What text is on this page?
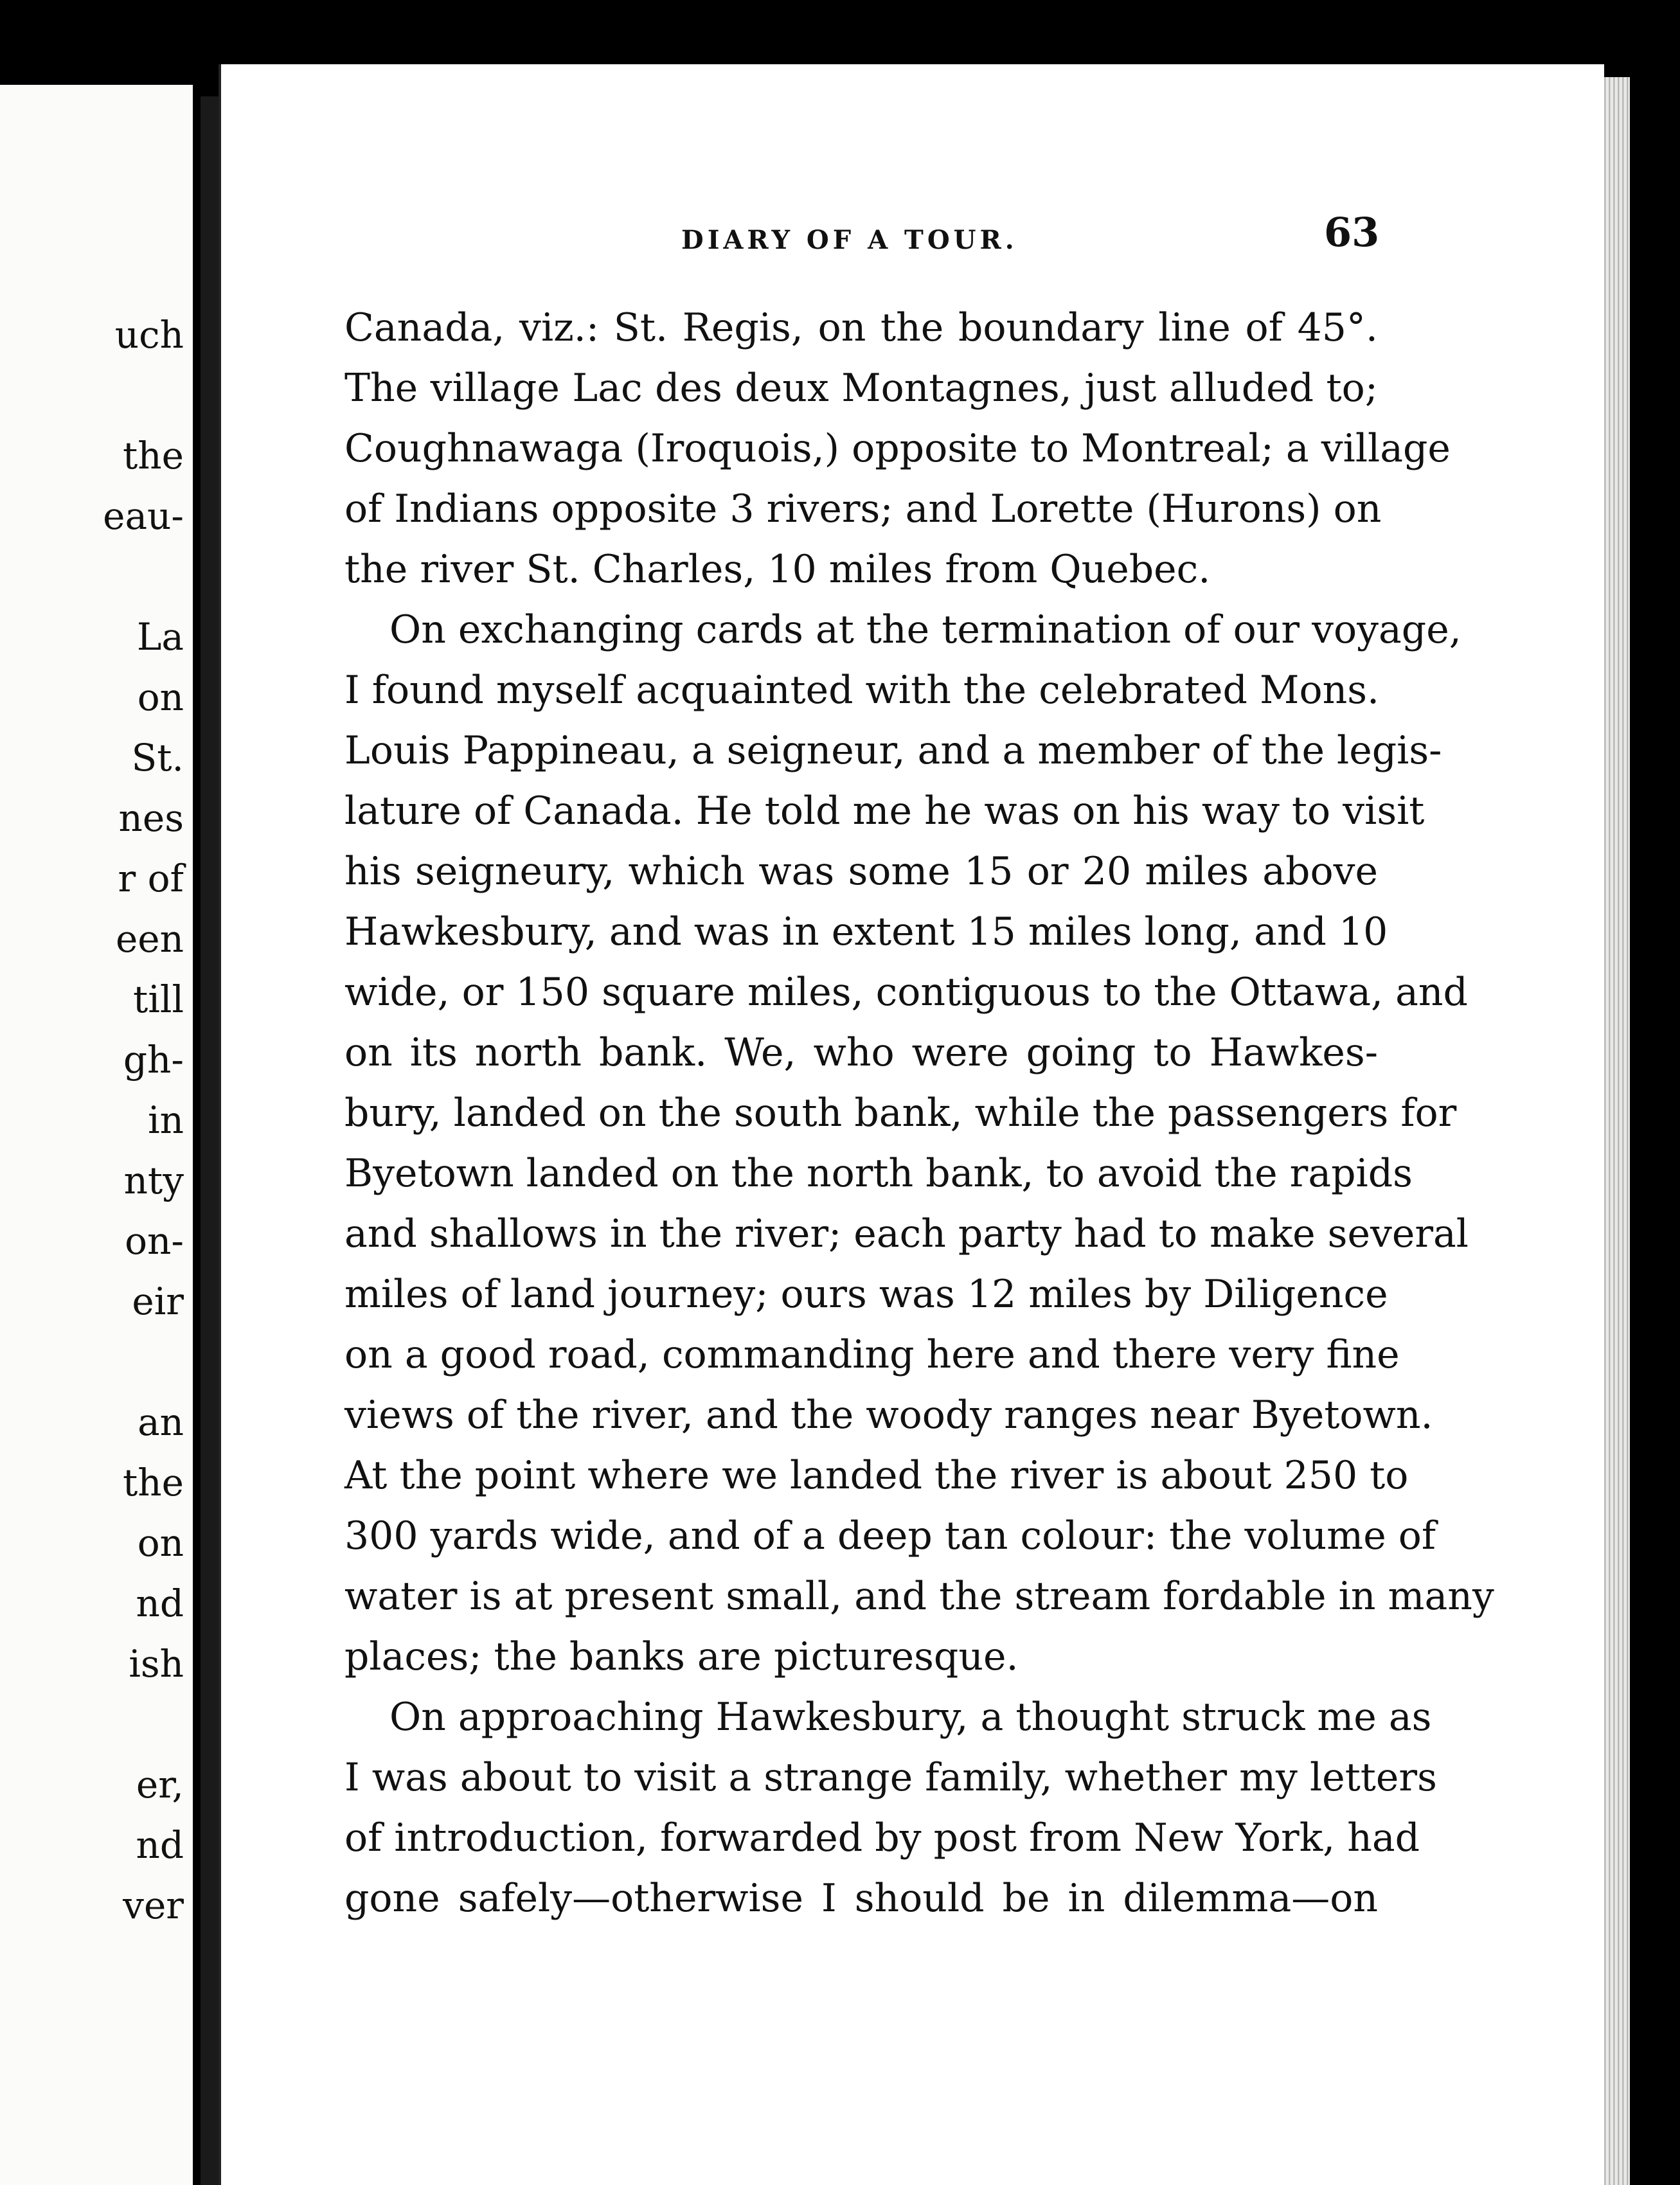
uch
the
eau-
La
on
St.
nes
r of
een
till
gh-
in
nty
on-
eir
an
the
on
nd
ish
er,
nd
ver
DIARY OF A TOUR.	63
Canada, viz.: St. Regis, on the boundary line of 45°.
The village Lac des deux Montagnes, just alluded to;
Coughnawaga (Iroquois,) opposite to Montreal; a village
of Indians opposite 3 rivers; and Lorette (Hurons) on
the river St. Charles, 10 miles from Quebec.
On exchanging cards at the termination of our voyage,
I found myself acquainted with the celebrated Mons.
Louis Pappineau, a seigneur, and a member of the legis-
lature of Canada. He told me he was on his way to visit
his seigneury, which was some 15 or 20 miles above
Hawkesbury, and was in extent 15 miles long, and 10
wide, or 150 square miles, contiguous to the Ottawa, and
on its north bank. We, who were going to Hawkes-
bury, landed on the south bank, while the passengers for
Byetown landed on the north bank, to avoid the rapids
and shallows in the river; each party had to make several
miles of land journey; ours was 12 miles by Diligence
on a good road, commanding here and there very fine
views of the river, and the woody ranges near Byetown.
At the point where we landed the river is about 250 to
300 yards wide, and of a deep tan colour: the volume of
water is at present small, and the stream fordable in many
places; the banks are picturesque.
On approaching Hawkesbury, a thought struck me as
I was about to visit a strange family, whether my letters
of introduction, forwarded by post from New York, had
gone safely—otherwise I should be in dilemma—on
